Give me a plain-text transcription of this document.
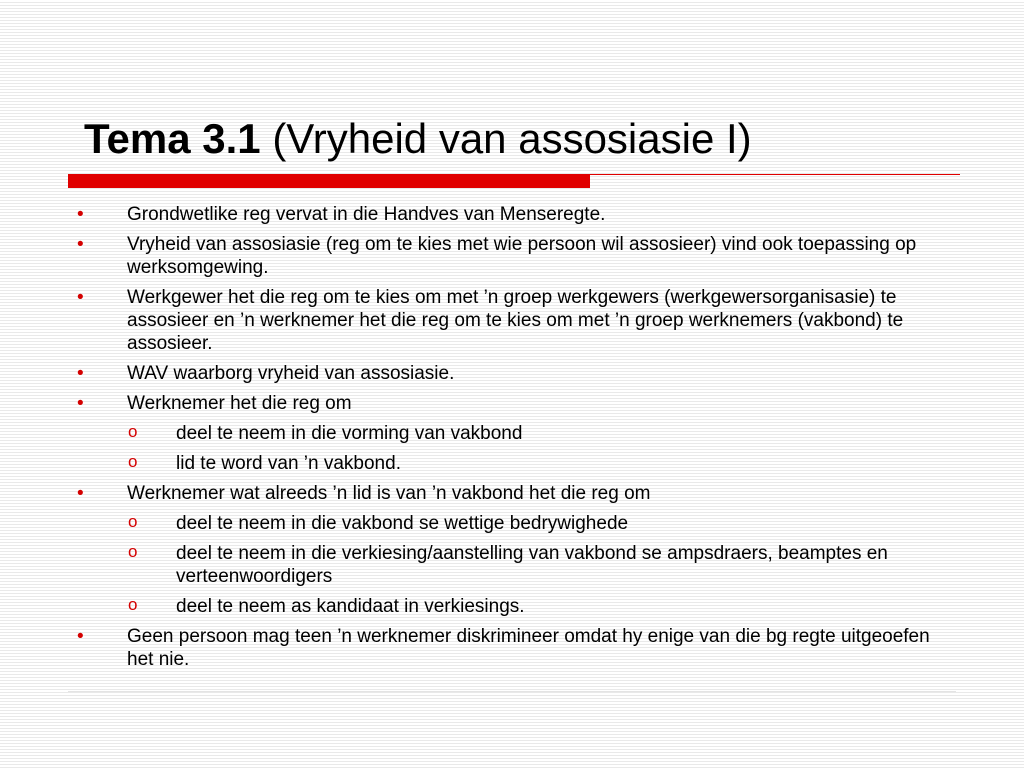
Tema 3.1 (Vryheid van assosiasie I)
• Grondwetlike reg vervat in die Handves van Menseregte.
• Vryheid van assosiasie (reg om te kies met wie persoon wil assosieer) vind ook toepassing op werksomgewing.
• Werkgewer het die reg om te kies om met ’n groep werkgewers (werkgewersorganisasie) te assosieer en ’n werknemer het die reg om te kies om met ’n groep werknemers (vakbond) te assosieer.
• WAV waarborg vryheid van assosiasie.
• Werknemer het die reg om
o deel te neem in die vorming van vakbond
o lid te word van ’n vakbond.
• Werknemer wat alreeds ’n lid is van ’n vakbond het die reg om
o deel te neem in die vakbond se wettige bedrywighede
o deel te neem in die verkiesing/aanstelling van vakbond se ampsdraers, beamptes en verteenwoordigers
o deel te neem as kandidaat in verkiesings.
• Geen persoon mag teen ’n werknemer diskrimineer omdat hy enige van die bg regte uitgeoefen het nie.
